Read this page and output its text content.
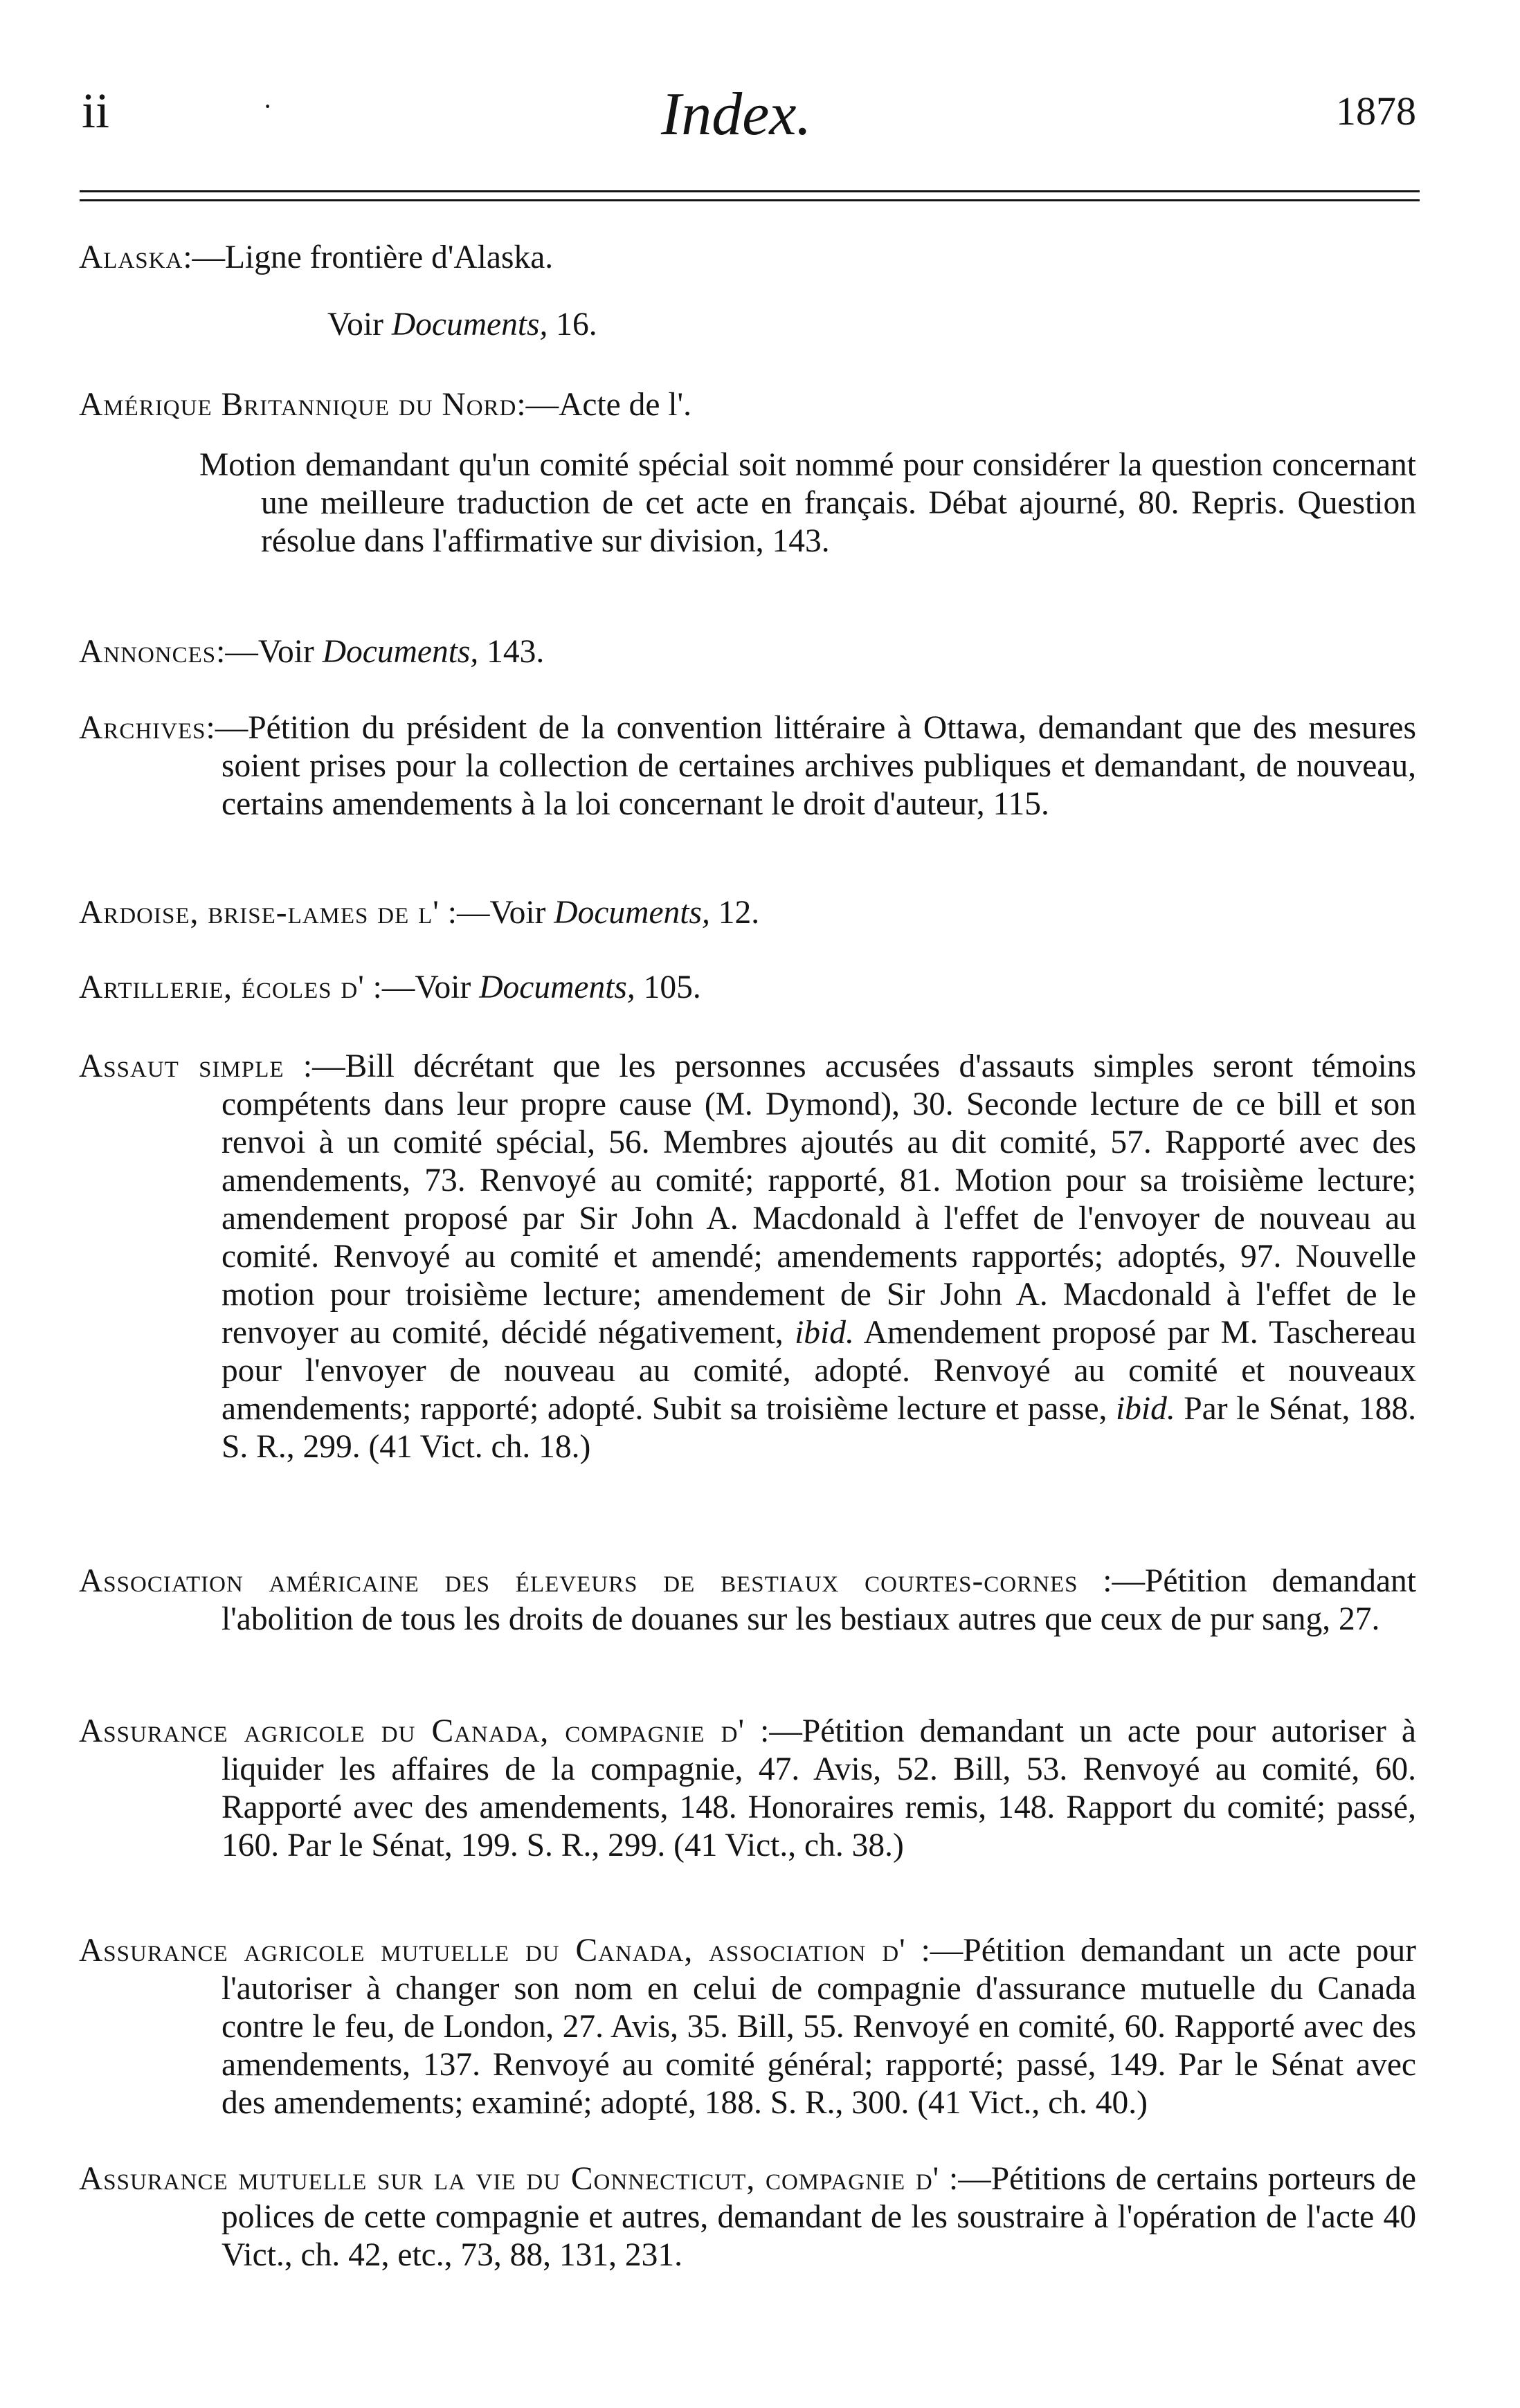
ii	·	Index.	1878
Alaska:—Ligne frontière d'Alaska.
Voir Documents, 16.
Amérique Britannique du Nord:—Acte de l'.
Motion demandant qu'un comité spécial soit nommé pour considérer la question concernant une meilleure traduction de cet acte en français. Débat ajourné, 80. Repris. Question résolue dans l'affirmative sur division, 143.
Annonces:—Voir Documents, 143.
Archives:—Pétition du président de la convention littéraire à Ottawa, demandant que des mesures soient prises pour la collection de certaines archives publiques et demandant, de nouveau, certains amendements à la loi concernant le droit d'auteur, 115.
Ardoise, brise-lames de l' :—Voir Documents, 12.
Artillerie, écoles d' :—Voir Documents, 105.
Assaut simple :—Bill décrétant que les personnes accusées d'assauts simples seront témoins compétents dans leur propre cause (M. Dymond), 30. Seconde lecture de ce bill et son renvoi à un comité spécial, 56. Membres ajoutés au dit comité, 57. Rapporté avec des amendements, 73. Renvoyé au comité; rapporté, 81. Motion pour sa troisième lecture; amendement proposé par Sir John A. Macdonald à l'effet de l'envoyer de nouveau au comité. Renvoyé au comité et amendé; amendements rapportés; adoptés, 97. Nouvelle motion pour troisième lecture; amendement de Sir John A. Macdonald à l'effet de le renvoyer au comité, décidé négativement, ibid. Amendement proposé par M. Taschereau pour l'envoyer de nouveau au comité, adopté. Renvoyé au comité et nouveaux amendements; rapporté; adopté. Subit sa troisième lecture et passe, ibid. Par le Sénat, 188. S. R., 299. (41 Vict. ch. 18.)
Association américaine des éleveurs de bestiaux courtes-cornes :—Pétition demandant l'abolition de tous les droits de douanes sur les bestiaux autres que ceux de pur sang, 27.
Assurance agricole du Canada, compagnie d' :—Pétition demandant un acte pour autoriser à liquider les affaires de la compagnie, 47. Avis, 52. Bill, 53. Renvoyé au comité, 60. Rapporté avec des amendements, 148. Honoraires remis, 148. Rapport du comité; passé, 160. Par le Sénat, 199. S. R., 299. (41 Vict., ch. 38.)
Assurance agricole mutuelle du Canada, association d' :—Pétition demandant un acte pour l'autoriser à changer son nom en celui de compagnie d'assurance mutuelle du Canada contre le feu, de London, 27. Avis, 35. Bill, 55. Renvoyé en comité, 60. Rapporté avec des amendements, 137. Renvoyé au comité général; rapporté; passé, 149. Par le Sénat avec des amendements; examiné; adopté, 188. S. R., 300. (41 Vict., ch. 40.)
Assurance mutuelle sur la vie du Connecticut, compagnie d' :—Pétitions de certains porteurs de polices de cette compagnie et autres, demandant de les soustraire à l'opération de l'acte 40 Vict., ch. 42, etc., 73, 88, 131, 231.
